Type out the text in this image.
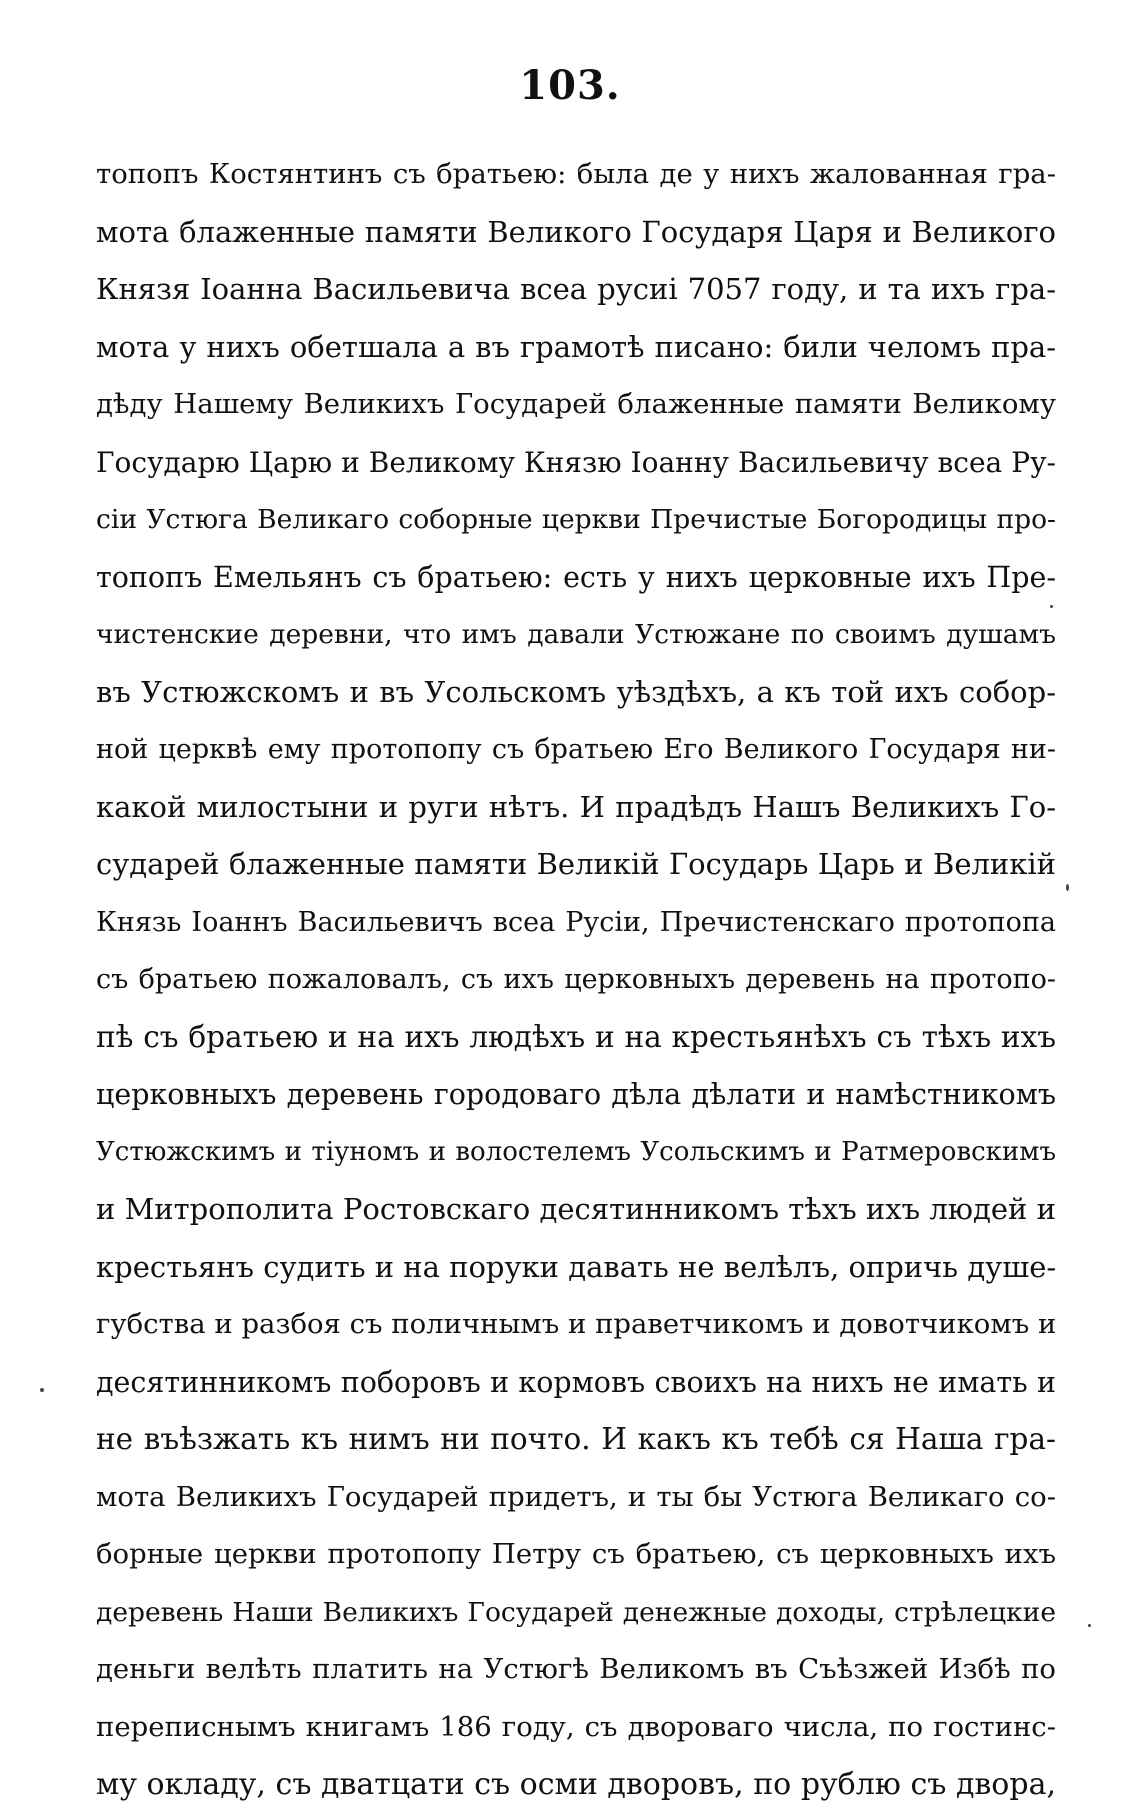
103.
топопъ Костянтинъ съ братьею: была де у нихъ жалованная гра-
мота блаженные памяти Великого Государя Царя и Великого
Князя Іоанна Васильевича всеа русиі 7057 году, и та ихъ гра-
мота у нихъ обетшала а въ грамотѣ писано: били челомъ пра-
дѣду Нашему Великихъ Государей блаженные памяти Великому
Государю Царю и Великому Князю Іоанну Васильевичу всеа Ру-
сіи Устюга Великаго соборные церкви Пречистые Богородицы про-
топопъ Емельянъ съ братьею: есть у нихъ церковные ихъ Пре-
чистенские деревни, что имъ давали Устюжане по своимъ душамъ
въ Устюжскомъ и въ Усольскомъ уѣздѣхъ, а къ той ихъ собор-
ной церквѣ ему протопопу съ братьею Его Великого Государя ни-
какой милостыни и руги нѣтъ. И прадѣдъ Нашъ Великихъ Го-
сударей блаженные памяти Великій Государь Царь и Великій
Князь Іоаннъ Васильевичъ всеа Русіи, Пречистенскаго протопопа
съ братьею пожаловалъ, съ ихъ церковныхъ деревень на протопо-
пѣ съ братьею и на ихъ людѣхъ и на крестьянѣхъ съ тѣхъ ихъ
церковныхъ деревень городоваго дѣла дѣлати и намѣстникомъ
Устюжскимъ и тіуномъ и волостелемъ Усольскимъ и Ратмеровскимъ
и Митрополита Ростовскаго десятинникомъ тѣхъ ихъ людей и
крестьянъ судить и на поруки давать не велѣлъ, опричь душе-
губства и разбоя съ поличнымъ и праветчикомъ и довотчикомъ и
десятинникомъ поборовъ и кормовъ своихъ на нихъ не имать и
не въѣзжать къ нимъ ни почто. И какъ къ тебѣ ся Наша гра-
мота Великихъ Государей придетъ, и ты бы Устюга Великаго со-
борные церкви протопопу Петру съ братьею, съ церковныхъ ихъ
деревень Наши Великихъ Государей денежные доходы, стрѣлецкие
деньги велѣть платить на Устюгѣ Великомъ въ Съѣзжей Избѣ по
переписнымъ книгамъ 186 году, съ двороваго числа, по гостинс-
му окладу, съ дватцати съ осми дворовъ, по рублю съ двора,
